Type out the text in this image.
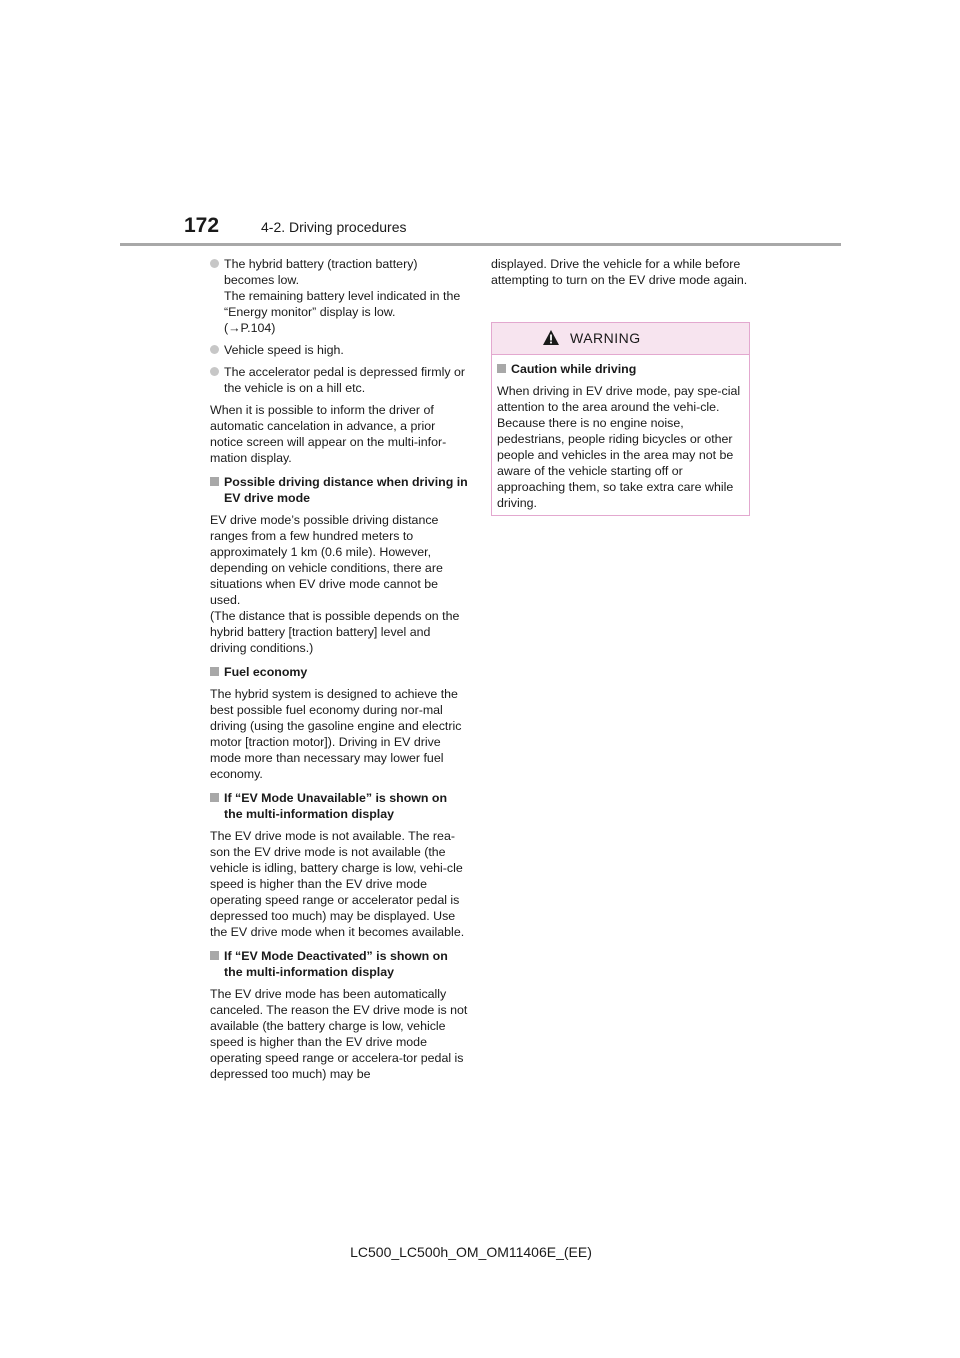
172	4-2. Driving procedures
The hybrid battery (traction battery) becomes low.
The remaining battery level indicated in the “Energy monitor” display is low.
(→P.104)
Vehicle speed is high.
The accelerator pedal is depressed firmly or the vehicle is on a hill etc.

When it is possible to inform the driver of automatic cancelation in advance, a prior notice screen will appear on the multi-infor-mation display.

Possible driving distance when driving in EV drive mode

EV drive mode’s possible driving distance ranges from a few hundred meters to approximately 1 km (0.6 mile). However, depending on vehicle conditions, there are situations when EV drive mode cannot be used.

(The distance that is possible depends on the hybrid battery [traction battery] level and driving conditions.)

Fuel economy

The hybrid system is designed to achieve the best possible fuel economy during nor-mal driving (using the gasoline engine and electric motor [traction motor]). Driving in EV drive mode more than necessary may lower fuel economy.

If “EV Mode Unavailable” is shown on the multi-information display

The EV drive mode is not available. The rea-son the EV drive mode is not available (the vehicle is idling, battery charge is low, vehi-cle speed is higher than the EV drive mode operating speed range or accelerator pedal is depressed too much) may be displayed. Use the EV drive mode when it becomes available.

If “EV Mode Deactivated” is shown on the multi-information display

The EV drive mode has been automatically canceled. The reason the EV drive mode is not available (the battery charge is low, vehicle speed is higher than the EV drive mode operating speed range or accelera-tor pedal is depressed too much) may be

displayed. Drive the vehicle for a while before attempting to turn on the EV drive mode again.

WARNING
Caution while driving

When driving in EV drive mode, pay spe-cial attention to the area around the vehi-cle. Because there is no engine noise, pedestrians, people riding bicycles or other people and vehicles in the area may not be aware of the vehicle starting off or approaching them, so take extra care while driving.

LC500_LC500h_OM_OM11406E_(EE)
